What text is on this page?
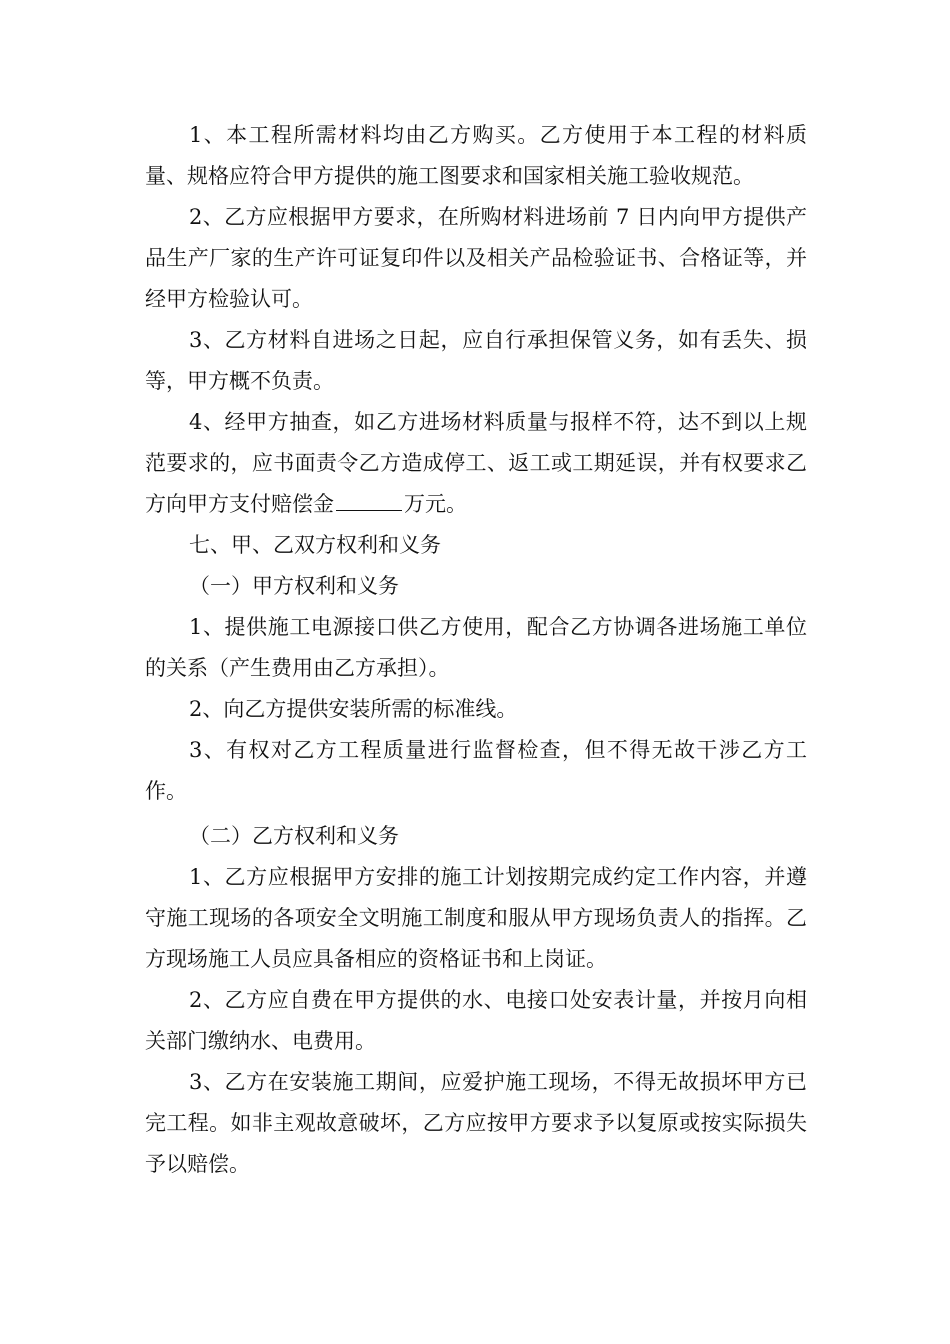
1、本工程所需材料均由乙方购买。乙方使用于本工程的材料质量、规格应符合甲方提供的施工图要求和国家相关施工验收规范。

2、乙方应根据甲方要求，在所购材料进场前 7 日内向甲方提供产品生产厂家的生产许可证复印件以及相关产品检验证书、合格证等，并经甲方检验认可。

3、乙方材料自进场之日起，应自行承担保管义务，如有丢失、损等，甲方概不负责。

4、经甲方抽查，如乙方进场材料质量与报样不符，达不到以上规范要求的，应书面责令乙方造成停工、返工或工期延误，并有权要求乙方向甲方支付赔偿金	万元。

七、甲、乙双方权利和义务

（一）甲方权利和义务

1、提供施工电源接口供乙方使用，配合乙方协调各进场施工单位的关系（产生费用由乙方承担）。

2、向乙方提供安装所需的标准线。

3、有权对乙方工程质量进行监督检查，但不得无故干涉乙方工作。

（二）乙方权利和义务

1、乙方应根据甲方安排的施工计划按期完成约定工作内容，并遵守施工现场的各项安全文明施工制度和服从甲方现场负责人的指挥。乙方现场施工人员应具备相应的资格证书和上岗证。

2、乙方应自费在甲方提供的水、电接口处安表计量，并按月向相关部门缴纳水、电费用。

3、乙方在安装施工期间，应爱护施工现场，不得无故损坏甲方已完工程。如非主观故意破坏，乙方应按甲方要求予以复原或按实际损失予以赔偿。
